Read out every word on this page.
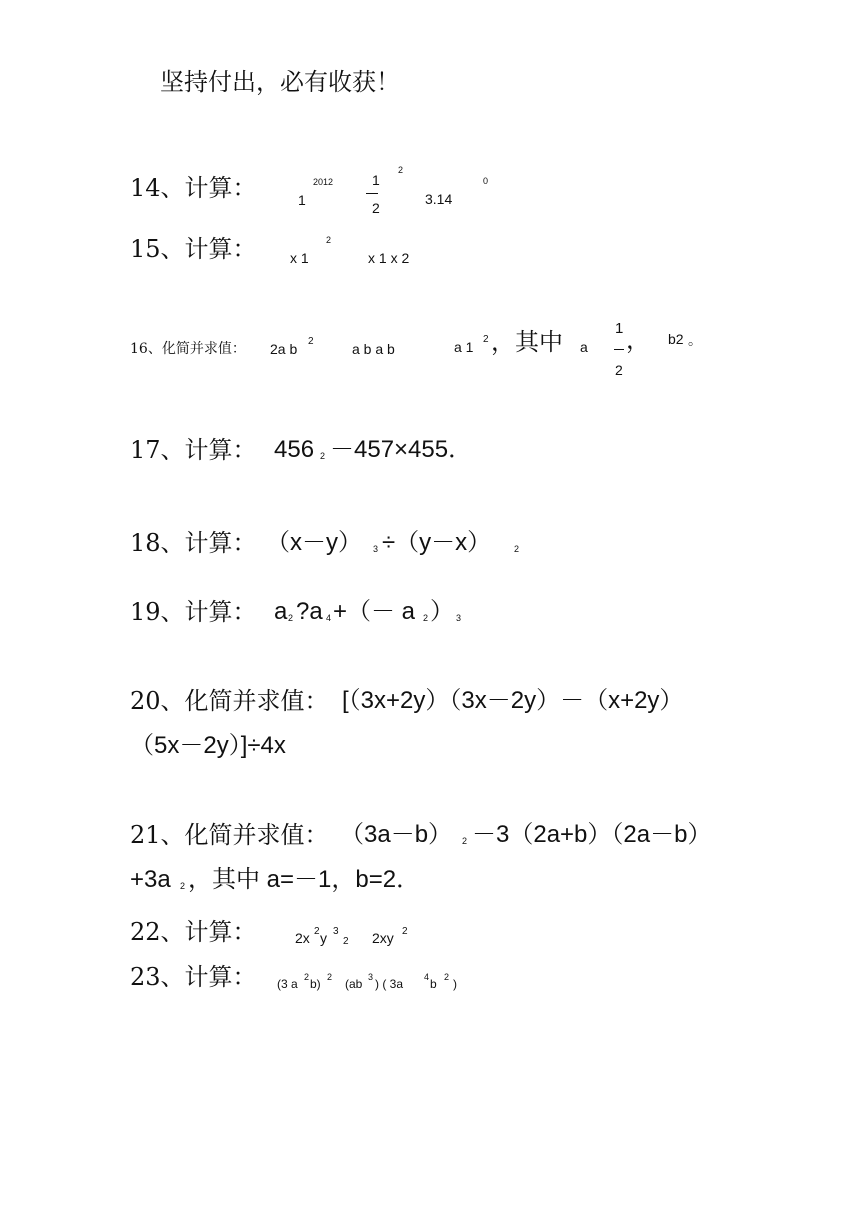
坚持付出，必有收获！
14、计算：	1
2012	1
2
2
3.14
0
15、计算： x 1
2
x 1 x 2
16、化简并求值： 2a b 2	a b a b	a 1 2 ，其中 a
1
2
， b2 。
17、计算： 456 2 －457×455．
18、计算： （x－y） 3 ÷（y－x）	2
19、计算： a 2 ?a 4 +（－ a 2 ） 3
20、化简并求值： [（3x+2y）（3x－2y）－（x+2y）
（5x－2y）]÷4x
21、化简并求值： （3a－b） 2 －3（2a+b）（2a－b）
+3a 2 ，其中 a=－1，b=2．
22、计算：	2x 2 y 3
2 2xy 2
23、计算： (3 a 2 b) 2 (ab 3 ) ( 3a 4 b 2 )
